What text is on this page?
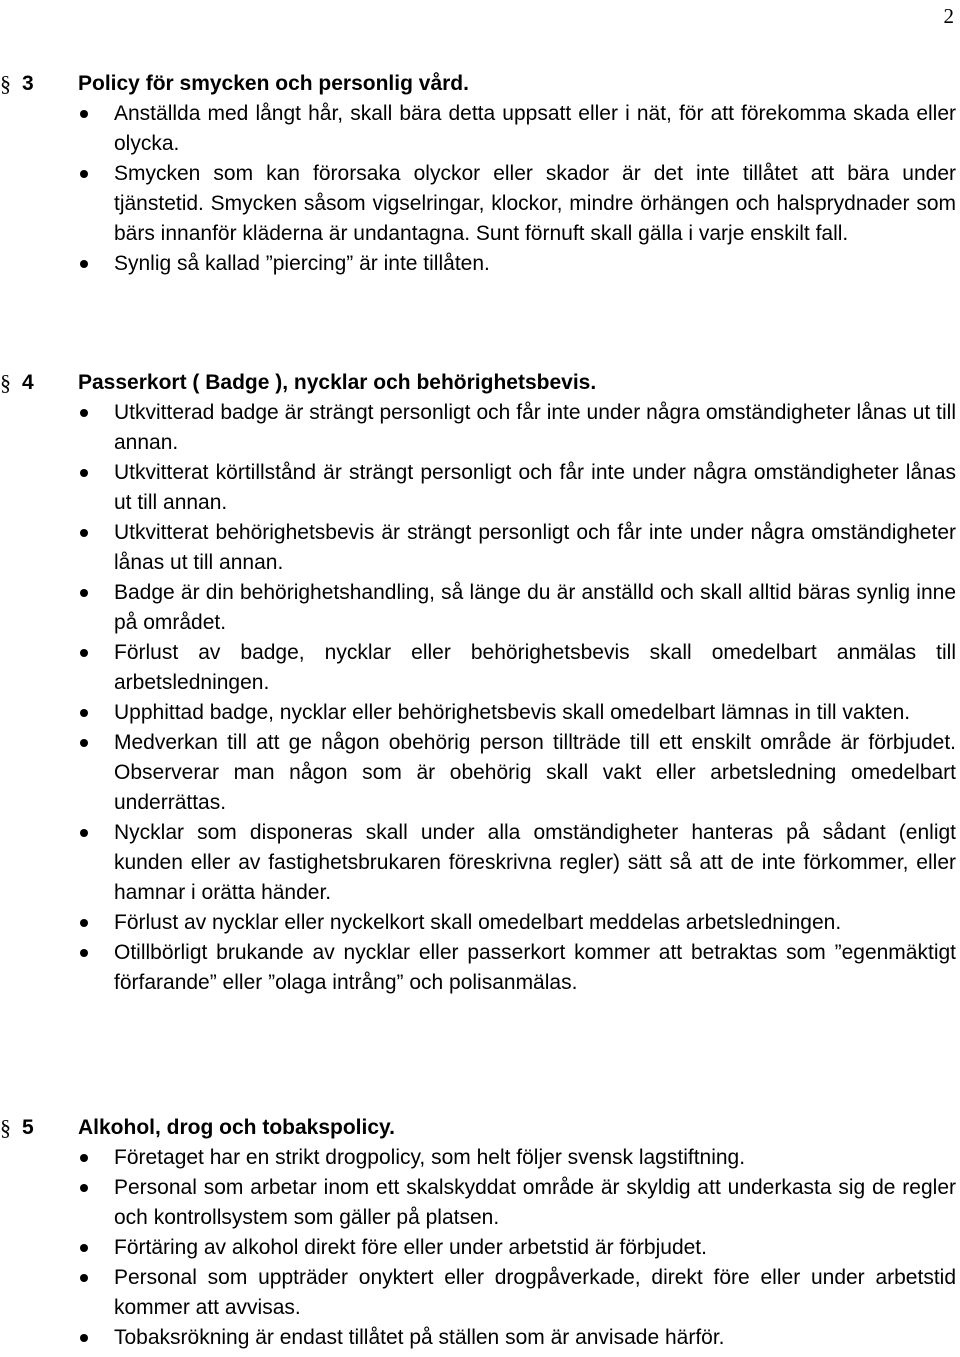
2
§ 3 Policy för smycken och personlig vård.
Anställda med långt hår, skall bära detta uppsatt eller i nät, för att förekomma skada eller olycka.
Smycken som kan förorsaka olyckor eller skador är det inte tillåtet att bära under tjänstetid. Smycken såsom vigselringar, klockor, mindre örhängen och halsprydnader som bärs innanför kläderna är undantagna. Sunt förnuft skall gälla i varje enskilt fall.
Synlig så kallad ”piercing” är inte tillåten.
§ 4 Passerkort ( Badge ), nycklar och behörighetsbevis.
Utkvitterad badge är strängt personligt och får inte under några omständigheter lånas ut till annan.
Utkvitterat körtillstånd är strängt personligt och får inte under några omständigheter lånas ut till annan.
Utkvitterat behörighetsbevis är strängt personligt och får inte under några omständigheter lånas ut till annan.
Badge är din behörighetshandling, så länge du är anställd och skall alltid bäras synlig inne på området.
Förlust av badge, nycklar eller behörighetsbevis skall omedelbart anmälas till arbetsledningen.
Upphittad badge, nycklar eller behörighetsbevis skall omedelbart lämnas in till vakten.
Medverkan till att ge någon obehörig person tillträde till ett enskilt område är förbjudet. Observerar man någon som är obehörig skall vakt eller arbetsledning omedelbart underrättas.
Nycklar som disponeras skall under alla omständigheter hanteras på sådant (enligt kunden eller av fastighetsbrukaren föreskrivna regler) sätt så att de inte förkommer, eller hamnar i orätta händer.
Förlust av nycklar eller nyckelkort skall omedelbart meddelas arbetsledningen.
Otillbörligt brukande av nycklar eller passerkort kommer att betraktas som ”egenmäktigt förfarande” eller ”olaga intrång” och polisanmälas.
§ 5 Alkohol, drog och tobakspolicy.
Företaget har en strikt drogpolicy, som helt följer svensk lagstiftning.
Personal som arbetar inom ett skalskyddat område är skyldig att underkasta sig de regler och kontrollsystem som gäller på platsen.
Förtäring av alkohol direkt före eller under arbetstid är förbjudet.
Personal som uppträder onyktert eller drogpåverkade, direkt före eller under arbetstid kommer att avvisas.
Tobaksrökning är endast tillåtet på ställen som är anvisade härför.
